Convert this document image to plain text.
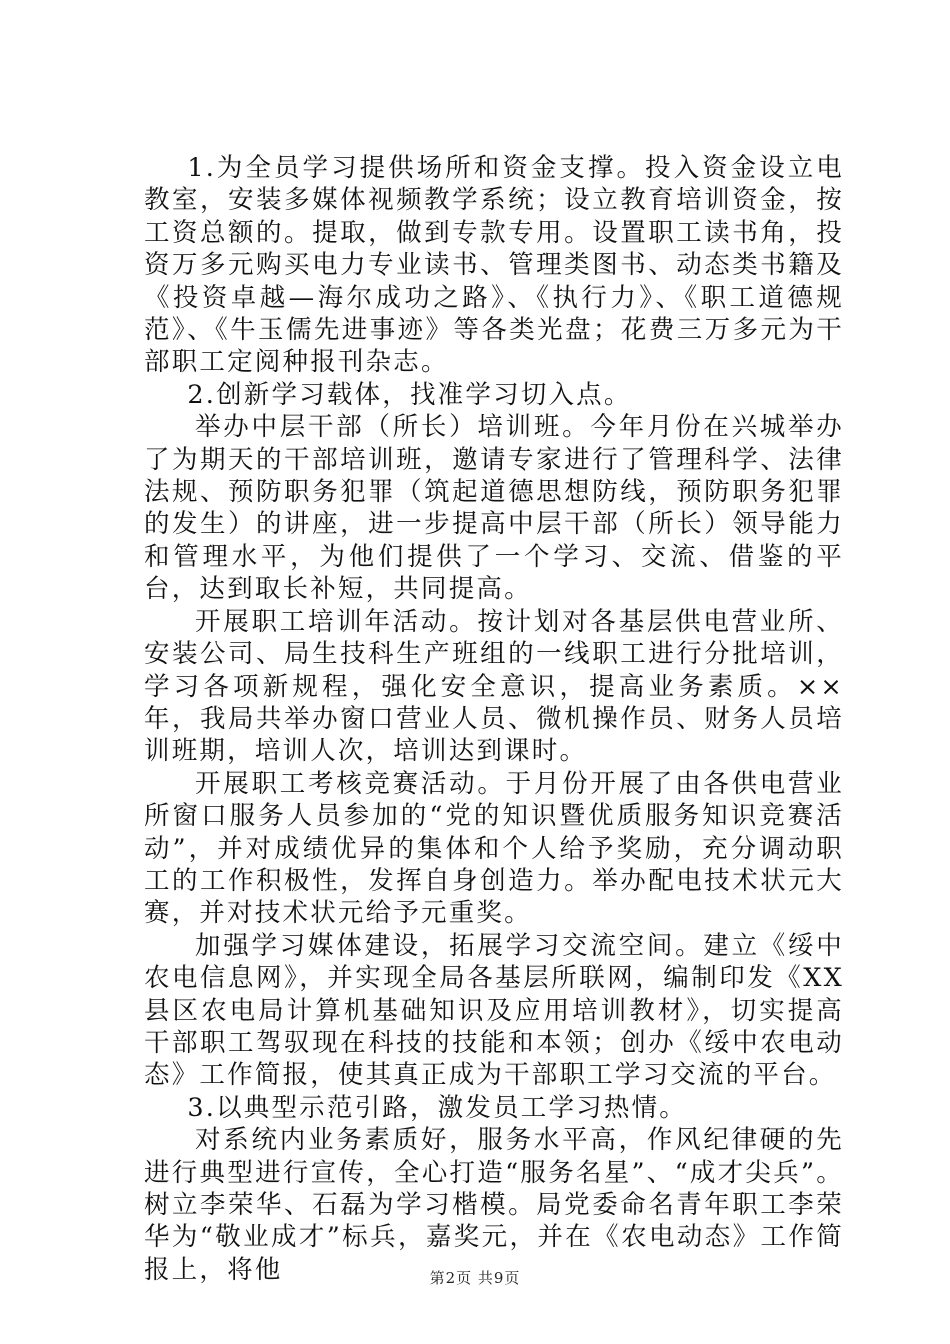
1.为全员学习提供场所和资金支撑。投入资金设立电教室，安装多媒体视频教学系统；设立教育培训资金，按工资总额的。提取，做到专款专用。设置职工读书角，投资万多元购买电力专业读书、管理类图书、动态类书籍及《投资卓越—海尔成功之路》、《执行力》、《职工道德规范》、《牛玉儒先进事迹》等各类光盘；花费三万多元为干部职工定阅种报刊杂志。

2.创新学习载体，找准学习切入点。

举办中层干部（所长）培训班。今年月份在兴城举办了为期天的干部培训班，邀请专家进行了管理科学、法律法规、预防职务犯罪（筑起道德思想防线，预防职务犯罪的发生）的讲座，进一步提高中层干部（所长）领导能力和管理水平，为他们提供了一个学习、交流、借鉴的平台，达到取长补短，共同提高。

开展职工培训年活动。按计划对各基层供电营业所、安装公司、局生技科生产班组的一线职工进行分批培训，学习各项新规程，强化安全意识，提高业务素质。××年，我局共举办窗口营业人员、微机操作员、财务人员培训班期，培训人次，培训达到课时。

开展职工考核竞赛活动。于月份开展了由各供电营业所窗口服务人员参加的“党的知识暨优质服务知识竞赛活动”，并对成绩优异的集体和个人给予奖励，充分调动职工的工作积极性，发挥自身创造力。举办配电技术状元大赛，并对技术状元给予元重奖。

加强学习媒体建设，拓展学习交流空间。建立《绥中农电信息网》，并实现全局各基层所联网，编制印发《XX县区农电局计算机基础知识及应用培训教材》，切实提高干部职工驾驭现在科技的技能和本领；创办《绥中农电动态》工作简报，使其真正成为干部职工学习交流的平台。

3.以典型示范引路，激发员工学习热情。

对系统内业务素质好，服务水平高，作风纪律硬的先进行典型进行宣传，全心打造“服务名星”、“成才尖兵”。树立李荣华、石磊为学习楷模。局党委命名青年职工李荣华为“敬业成才”标兵，嘉奖元，并在《农电动态》工作简报上，将他	第2页 共9页
